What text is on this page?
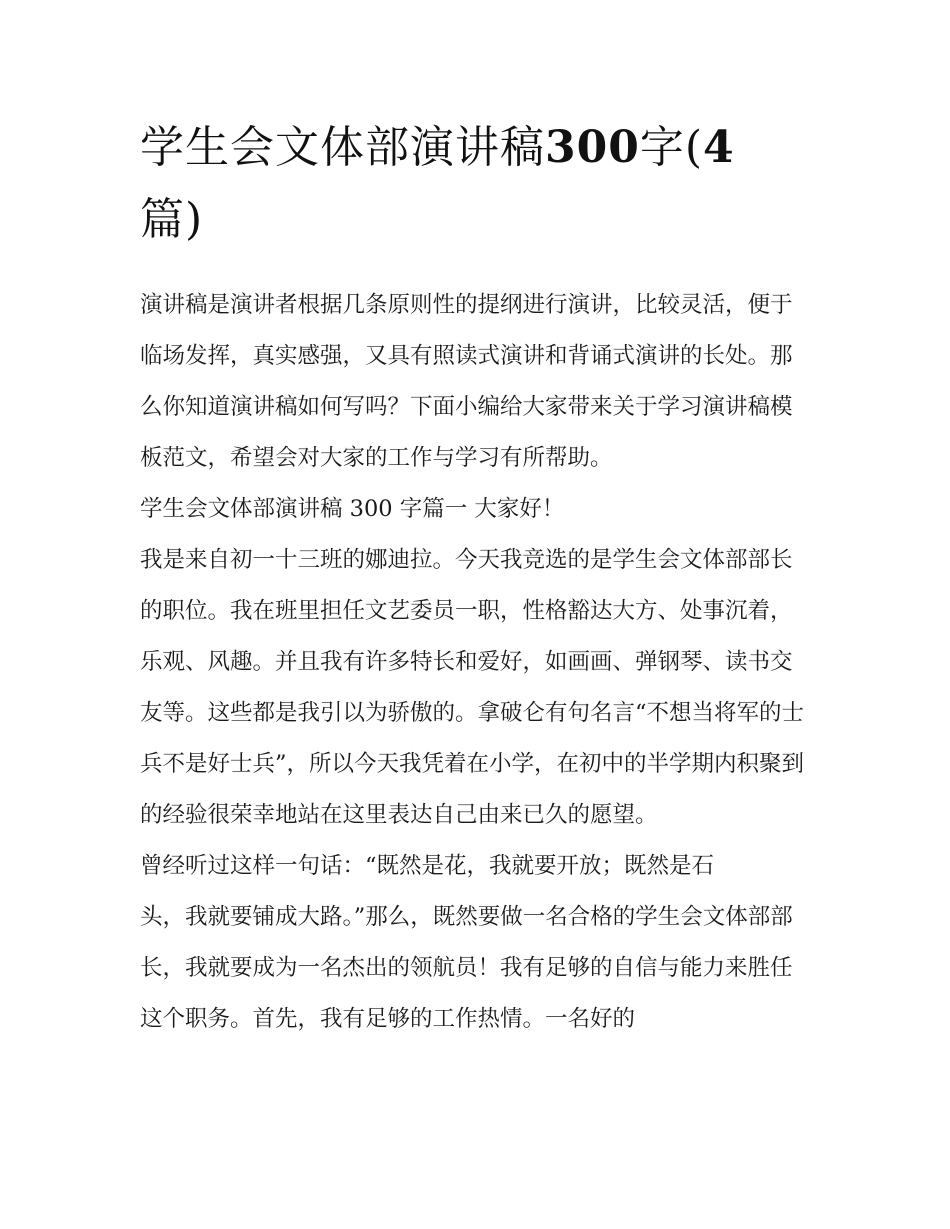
学生会文体部演讲稿300字(4
篇)

演讲稿是演讲者根据几条原则性的提纲进行演讲，比较灵活，便于临场发挥，真实感强，又具有照读式演讲和背诵式演讲的长处。那么你知道演讲稿如何写吗？下面小编给大家带来关于学习演讲稿模板范文，希望会对大家的工作与学习有所帮助。

学生会文体部演讲稿 300 字篇一 大家好！

我是来自初一十三班的娜迪拉。今天我竞选的是学生会文体部部长的职位。我在班里担任文艺委员一职，性格豁达大方、处事沉着，乐观、风趣。并且我有许多特长和爱好，如画画、弹钢琴、读书交友等。这些都是我引以为骄傲的。拿破仑有句名言“不想当将军的士兵不是好士兵”，所以今天我凭着在小学，在初中的半学期内积聚到的经验很荣幸地站在这里表达自己由来已久的愿望。

曾经听过这样一句话：“既然是花，我就要开放；既然是石

头，我就要铺成大路。”那么，既然要做一名合格的学生会文体部部长，我就要成为一名杰出的领航员！我有足够的自信与能力来胜任这个职务。首先，我有足够的工作热情。一名好的
